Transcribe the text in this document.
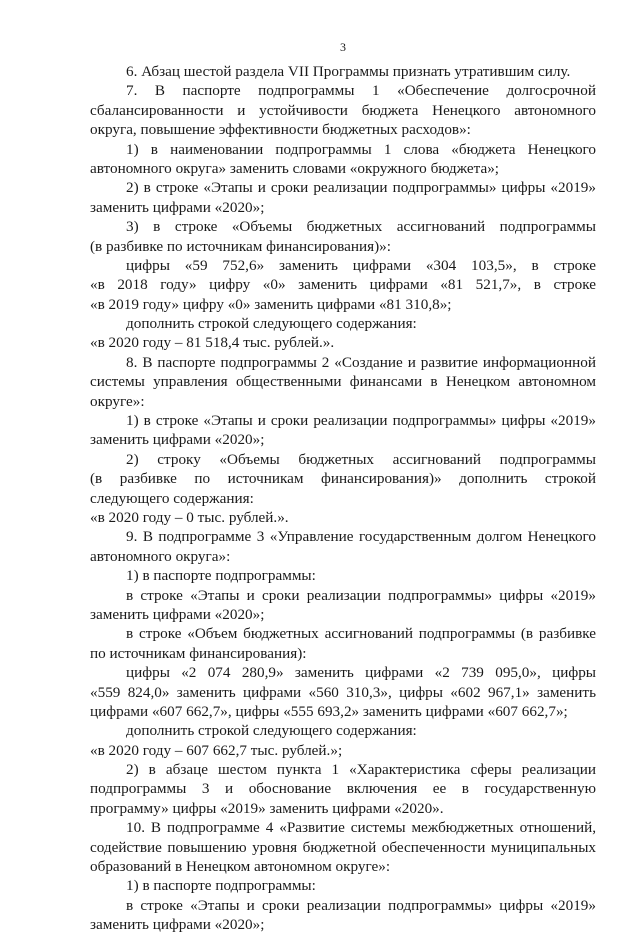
3
6. Абзац шестой раздела VII Программы признать утратившим силу.
7. В паспорте подпрограммы 1 «Обеспечение долгосрочной
сбалансированности и устойчивости бюджета Ненецкого автономного
округа, повышение эффективности бюджетных расходов»:
1) в наименовании подпрограммы 1 слова «бюджета Ненецкого
автономного округа» заменить словами «окружного бюджета»;
2) в строке «Этапы и сроки реализации подпрограммы» цифры «2019»
заменить цифрами «2020»;
3) в строке «Объемы бюджетных ассигнований подпрограммы
(в разбивке по источникам финансирования)»:
цифры «59 752,6» заменить цифрами «304 103,5», в строке
«в 2018 году» цифру «0» заменить цифрами «81 521,7», в строке
«в 2019 году» цифру «0» заменить цифрами «81 310,8»;
дополнить строкой следующего содержания:
«в 2020 году – 81 518,4 тыс. рублей.».
8. В паспорте подпрограммы 2 «Создание и развитие информационной
системы управления общественными финансами в Ненецком автономном
округе»:
1) в строке «Этапы и сроки реализации подпрограммы» цифры «2019»
заменить цифрами «2020»;
2) строку «Объемы бюджетных ассигнований подпрограммы
(в разбивке по источникам финансирования)» дополнить строкой
следующего содержания:
«в 2020 году – 0 тыс. рублей.».
9. В подпрограмме 3 «Управление государственным долгом Ненецкого
автономного округа»:
1) в паспорте подпрограммы:
в строке «Этапы и сроки реализации подпрограммы» цифры «2019»
заменить цифрами «2020»;
в строке «Объем бюджетных ассигнований подпрограммы (в разбивке
по источникам финансирования):
цифры «2 074 280,9» заменить цифрами «2 739 095,0», цифры
«559 824,0» заменить цифрами «560 310,3», цифры «602 967,1» заменить
цифрами «607 662,7», цифры «555 693,2» заменить цифрами «607 662,7»;
дополнить строкой следующего содержания:
«в 2020 году – 607 662,7 тыс. рублей.»;
2) в абзаце шестом пункта 1 «Характеристика сферы реализации
подпрограммы 3 и обоснование включения ее в государственную
программу» цифры «2019» заменить цифрами «2020».
10. В подпрограмме 4 «Развитие системы межбюджетных отношений,
содействие повышению уровня бюджетной обеспеченности муниципальных
образований в Ненецком автономном округе»:
1) в паспорте подпрограммы:
в строке «Этапы и сроки реализации подпрограммы» цифры «2019»
заменить цифрами «2020»;
